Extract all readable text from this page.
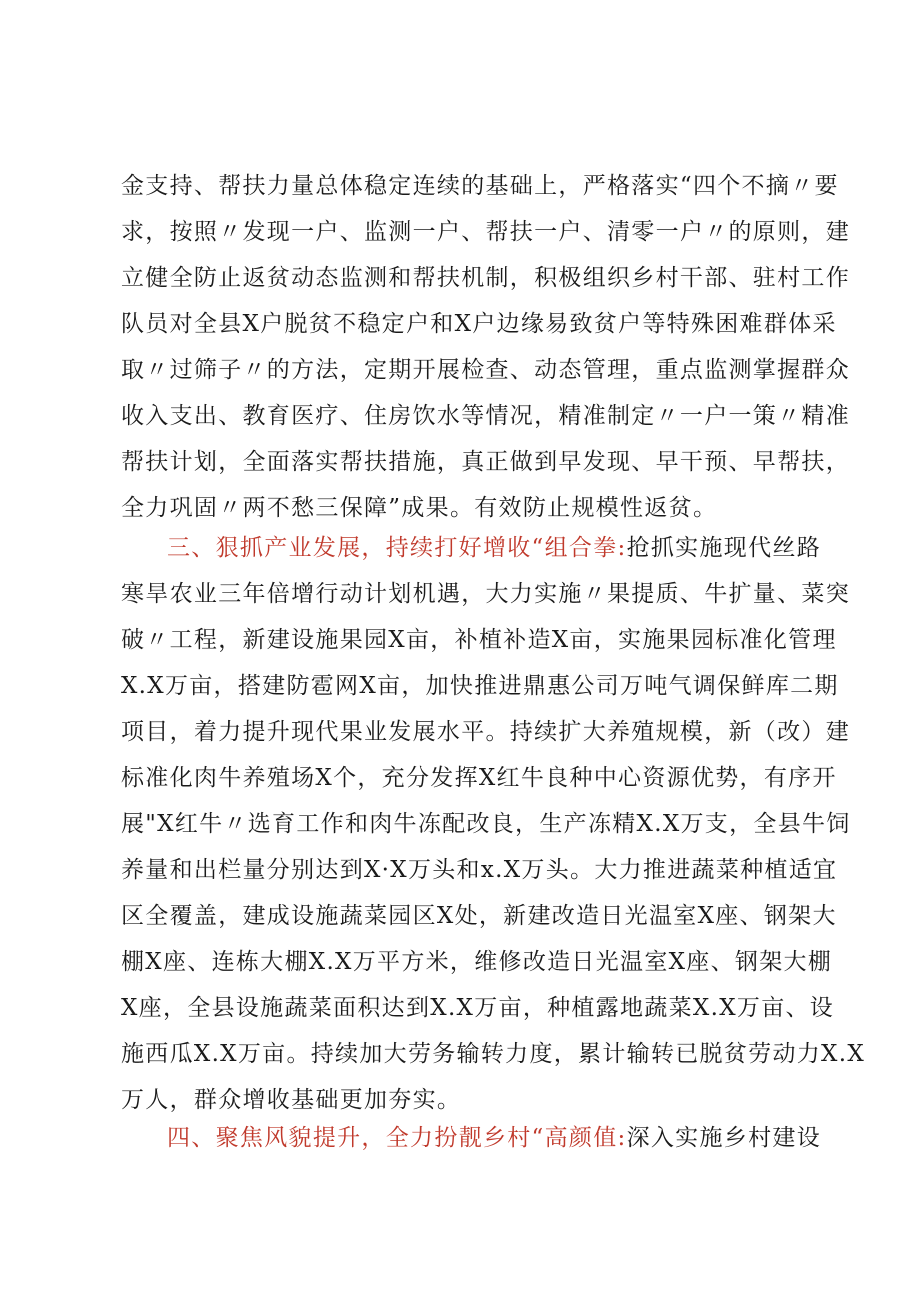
金支持、帮扶力量总体稳定连续的基础上，严格落实“四个不摘〃要
求，按照〃发现一户、监测一户、帮扶一户、清零一户〃的原则，建
立健全防止返贫动态监测和帮扶机制，积极组织乡村干部、驻村工作
队员对全县X户脱贫不稳定户和X户边缘易致贫户等特殊困难群体采
取〃过筛子〃的方法，定期开展检查、动态管理，重点监测掌握群众
收入支出、教育医疗、住房饮水等情况，精准制定〃一户一策〃精准
帮扶计划，全面落实帮扶措施，真正做到早发现、早干预、早帮扶，
全力巩固〃两不愁三保障”成果。有效防止规模性返贫。
三、狠抓产业发展，持续打好增收“组合拳:抢抓实施现代丝路
寒旱农业三年倍增行动计划机遇，大力实施〃果提质、牛扩量、菜突
破〃工程，新建设施果园X亩，补植补造X亩，实施果园标准化管理
X.X万亩，搭建防雹网X亩，加快推进鼎惠公司万吨气调保鲜库二期
项目，着力提升现代果业发展水平。持续扩大养殖规模，新（改）建
标准化肉牛养殖场X个，充分发挥X红牛良种中心资源优势，有序开
展"X红牛〃选育工作和肉牛冻配改良，生产冻精X.X万支，全县牛饲
养量和出栏量分别达到X·X万头和x.X万头。大力推进蔬菜种植适宜
区全覆盖，建成设施蔬菜园区X处，新建改造日光温室X座、钢架大
棚X座、连栋大棚X.X万平方米，维修改造日光温室X座、钢架大棚
X座，全县设施蔬菜面积达到X.X万亩，种植露地蔬菜X.X万亩、设
施西瓜X.X万亩。持续加大劳务输转力度，累计输转已脱贫劳动力X.X
万人，群众增收基础更加夯实。
四、聚焦风貌提升，全力扮靓乡村“高颜值:深入实施乡村建设
